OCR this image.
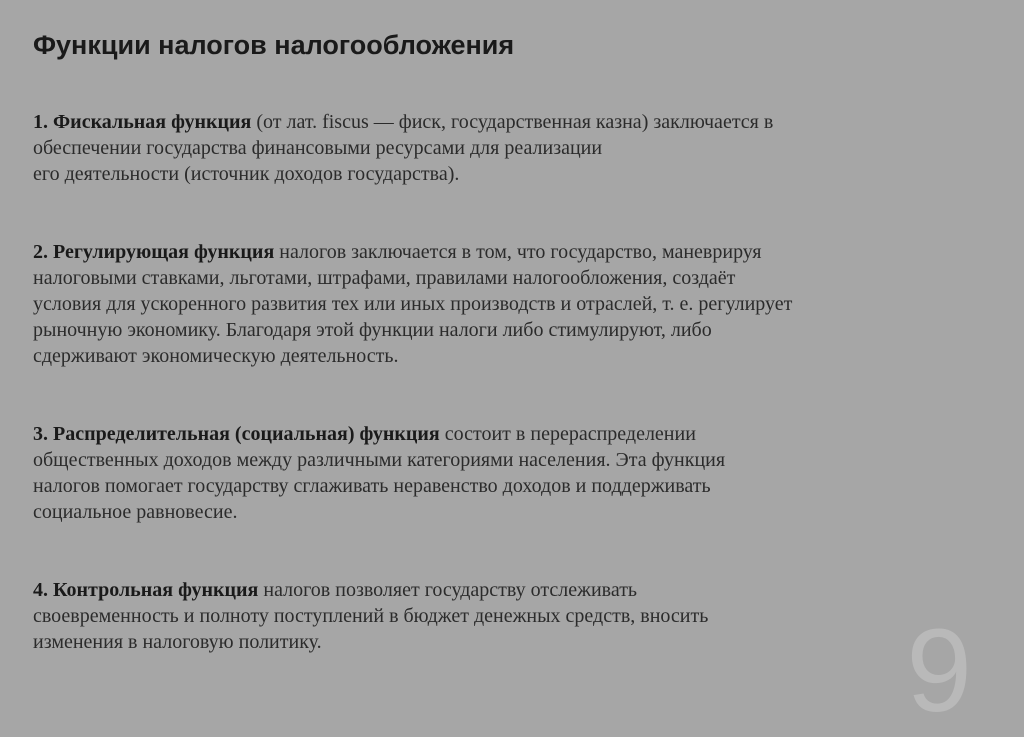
Функции налогов налогообложения

1. Фискальная функция (от лат. fiscus — фиск, государственная казна) заключается в
обеспечении государства финансовыми ресурсами для реализации
его деятельности (источник доходов государства).

2. Регулирующая функция налогов заключается в том, что государство, маневрируя
налоговыми ставками, льготами, штрафами, правилами налогообложения, создаёт
условия для ускоренного развития тех или иных производств и отраслей, т. е. регулирует
рыночную экономику. Благодаря этой функции налоги либо стимулируют, либо
сдерживают экономическую деятельность.

3. Распределительная (социальная) функция состоит в перераспределении
общественных доходов между различными категориями населения. Эта функция
налогов помогает государству сглаживать неравенство доходов и поддерживать
социальное равновесие.

4. Контрольная функция налогов позволяет государству отслеживать
своевременность и полноту поступлений в бюджет денежных средств, вносить
изменения в налоговую политику.	9
